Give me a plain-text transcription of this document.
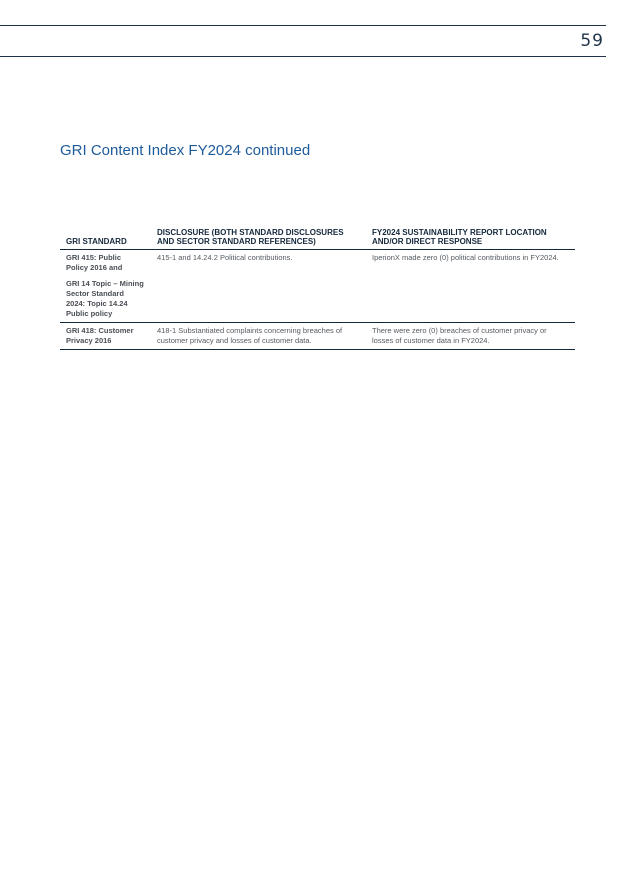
59
GRI Content Index FY2024 continued
GRI STANDARD	DISCLOSURE (BOTH STANDARD DISCLOSURES AND SECTOR STANDARD REFERENCES)	FY2024 SUSTAINABILITY REPORT LOCATION AND/OR DIRECT RESPONSE

GRI 415: Public Policy 2016 and
GRI 14 Topic – Mining Sector Standard 2024: Topic 14.24 Public policy	415-1 and 14.24.2 Political contributions.	IperionX made zero (0) political contributions in FY2024.

GRI 418: Customer Privacy 2016	418-1 Substantiated complaints concerning breaches of customer privacy and losses of customer data.	There were zero (0) breaches of customer privacy or losses of customer data in FY2024.
